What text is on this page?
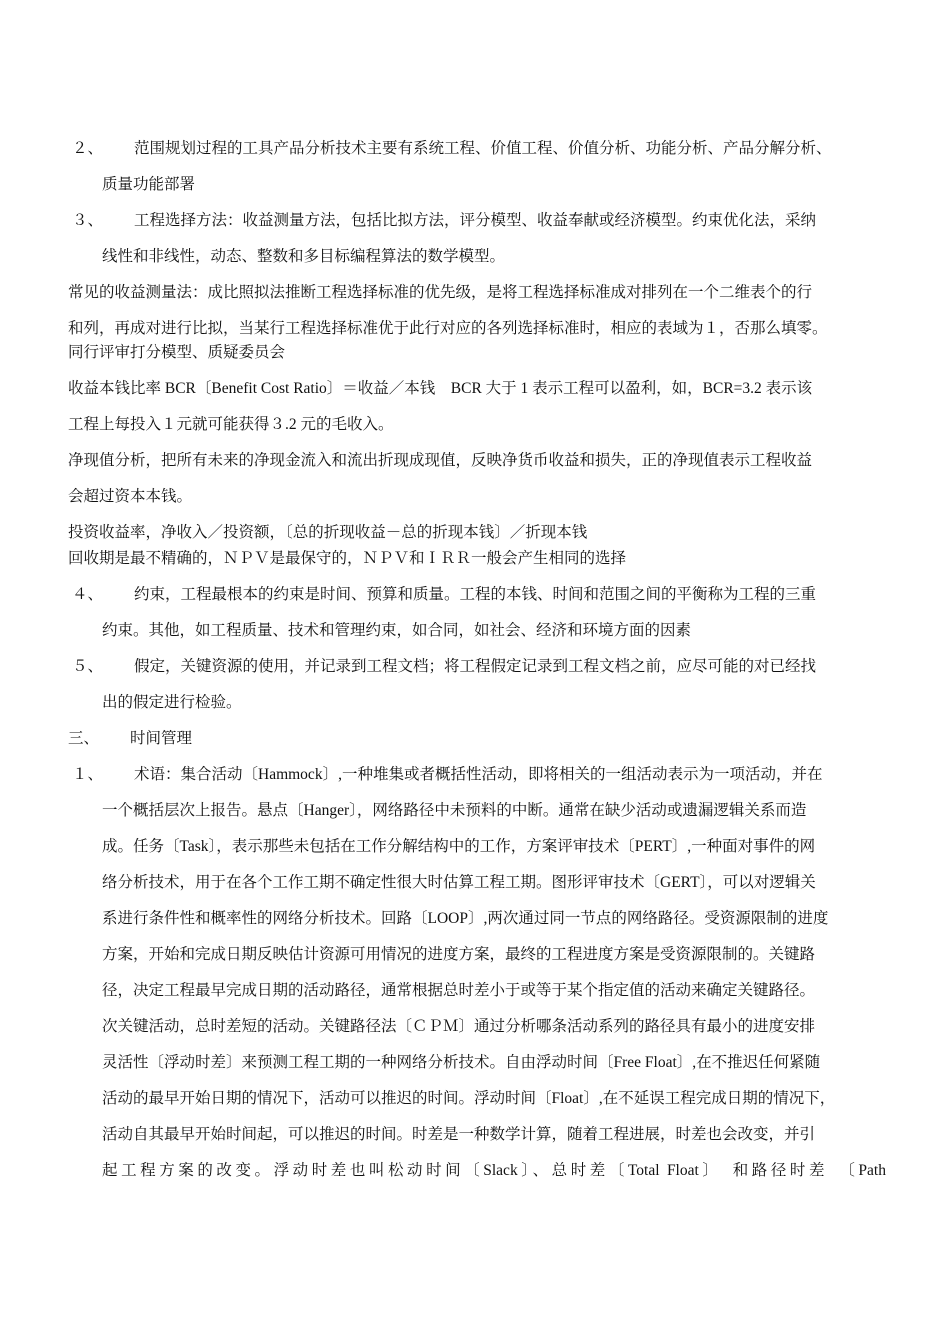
２、 范围规划过程的工具产品分析技术主要有系统工程、价值工程、价值分析、功能分析、产品分解分析、
质量功能部署
３、 工程选择方法：收益测量方法，包括比拟方法，评分模型、收益奉献或经济模型。约束优化法，采纳
线性和非线性，动态、整数和多目标编程算法的数学模型。
常见的收益测量法：成比照拟法推断工程选择标准的优先级，是将工程选择标准成对排列在一个二维表个的行
和列，再成对进行比拟，当某行工程选择标准优于此行对应的各列选择标准时，相应的表域为１，否那么填零。
同行评审打分模型、质疑委员会
收益本钱比率 BCR〔Benefit Cost Ratio〕＝收益／本钱　BCR 大于 1 表示工程可以盈利，如，BCR=3.2 表示该
工程上每投入１元就可能获得３.2 元的毛收入。
净现值分析，把所有未来的净现金流入和流出折现成现值，反映净货币收益和损失，正的净现值表示工程收益
会超过资本本钱。
投资收益率，净收入／投资额，〔总的折现收益－总的折现本钱〕／折现本钱
回收期是最不精确的，ＮＰＶ是最保守的，ＮＰＶ和ＩＲＲ一般会产生相同的选择
４、 约束，工程最根本的约束是时间、预算和质量。工程的本钱、时间和范围之间的平衡称为工程的三重
约束。其他，如工程质量、技术和管理约束，如合同，如社会、经济和环境方面的因素
５、 假定，关键资源的使用，并记录到工程文档；将工程假定记录到工程文档之前，应尽可能的对已经找
出的假定进行检验。
三、 时间管理
１、 术语：集合活动〔Hammock〕,一种堆集或者概括性活动，即将相关的一组活动表示为一项活动，并在
一个概括层次上报告。悬点〔Hanger〕，网络路径中未预料的中断。通常在缺少活动或遗漏逻辑关系而造
成。任务〔Task〕，表示那些未包括在工作分解结构中的工作，方案评审技术〔PERT〕,一种面对事件的网
络分析技术，用于在各个工作工期不确定性很大时估算工程工期。图形评审技术〔GERT〕，可以对逻辑关
系进行条件性和概率性的网络分析技术。回路〔LOOP〕,两次通过同一节点的网络路径。受资源限制的进度
方案，开始和完成日期反映估计资源可用情况的进度方案，最终的工程进度方案是受资源限制的。关键路
径，决定工程最早完成日期的活动路径，通常根据总时差小于或等于某个指定值的活动来确定关键路径。
次关键活动，总时差短的活动。关键路径法〔ＣＰＭ〕通过分析哪条活动系列的路径具有最小的进度安排
灵活性〔浮动时差〕来预测工程工期的一种网络分析技术。自由浮动时间〔Free Float〕,在不推迟任何紧随
活动的最早开始日期的情况下，活动可以推迟的时间。浮动时间〔Float〕,在不延误工程完成日期的情况下，
活动自其最早开始时间起，可以推迟的时间。时差是一种数学计算，随着工程进展，时差也会改变，并引
起工程方案的改变。浮动时差也叫松动时间〔Slack〕、总时差〔Total Float〕　和路径时差　〔Path
